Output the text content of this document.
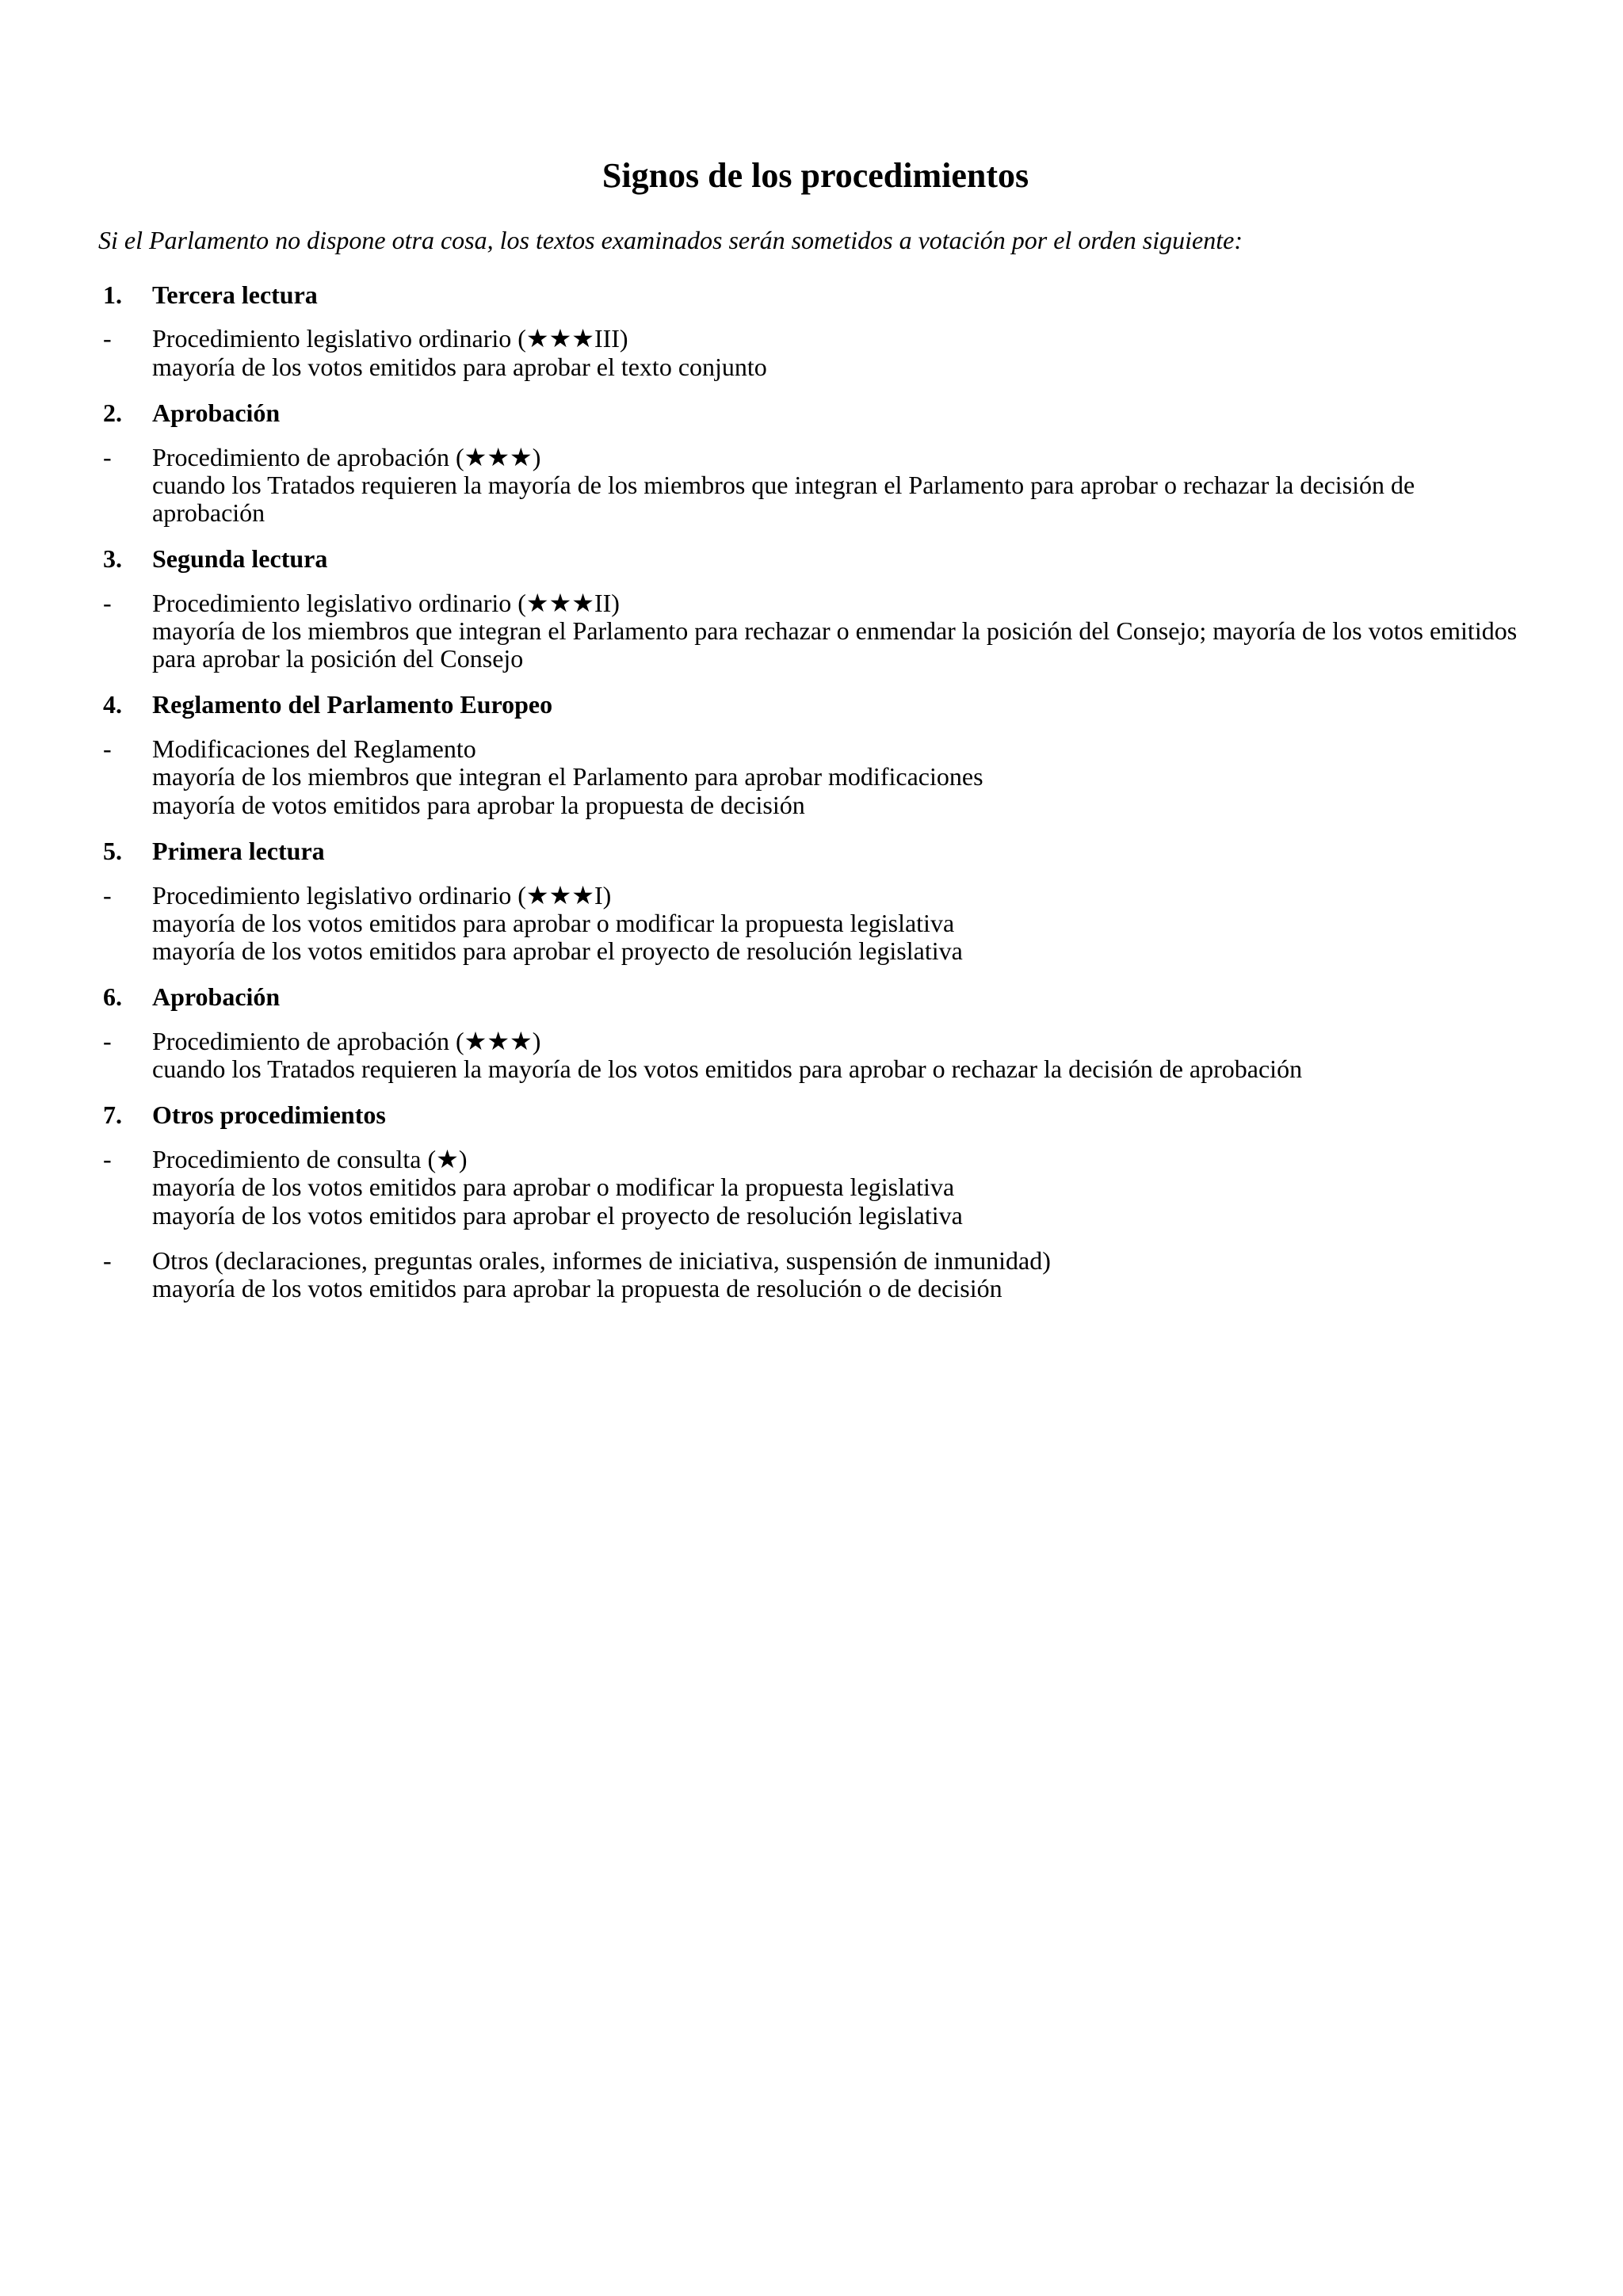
Signos de los procedimientos

Si el Parlamento no dispone otra cosa, los textos examinados serán sometidos a votación por el orden siguiente:

1.	Tercera lectura
-	Procedimiento legislativo ordinario (★★★III)
mayoría de los votos emitidos para aprobar el texto conjunto
2.	Aprobación
-	Procedimiento de aprobación (★★★)
cuando los Tratados requieren la mayoría de los miembros que integran el Parlamento para aprobar o rechazar la decisión de aprobación
3.	Segunda lectura
-	Procedimiento legislativo ordinario (★★★II)
mayoría de los miembros que integran el Parlamento para rechazar o enmendar la posición del Consejo; mayoría de los votos emitidos para aprobar la posición del Consejo
4.	Reglamento del Parlamento Europeo
-	Modificaciones del Reglamento
mayoría de los miembros que integran el Parlamento para aprobar modificaciones
mayoría de votos emitidos para aprobar la propuesta de decisión
5.	Primera lectura
-	Procedimiento legislativo ordinario (★★★I)
mayoría de los votos emitidos para aprobar o modificar la propuesta legislativa
mayoría de los votos emitidos para aprobar el proyecto de resolución legislativa
6.	Aprobación
-	Procedimiento de aprobación (★★★)
cuando los Tratados requieren la mayoría de los votos emitidos para aprobar o rechazar la decisión de aprobación
7.	Otros procedimientos
-	Procedimiento de consulta (★)
mayoría de los votos emitidos para aprobar o modificar la propuesta legislativa
mayoría de los votos emitidos para aprobar el proyecto de resolución legislativa
-	Otros (declaraciones, preguntas orales, informes de iniciativa, suspensión de inmunidad)
mayoría de los votos emitidos para aprobar la propuesta de resolución o de decisión
